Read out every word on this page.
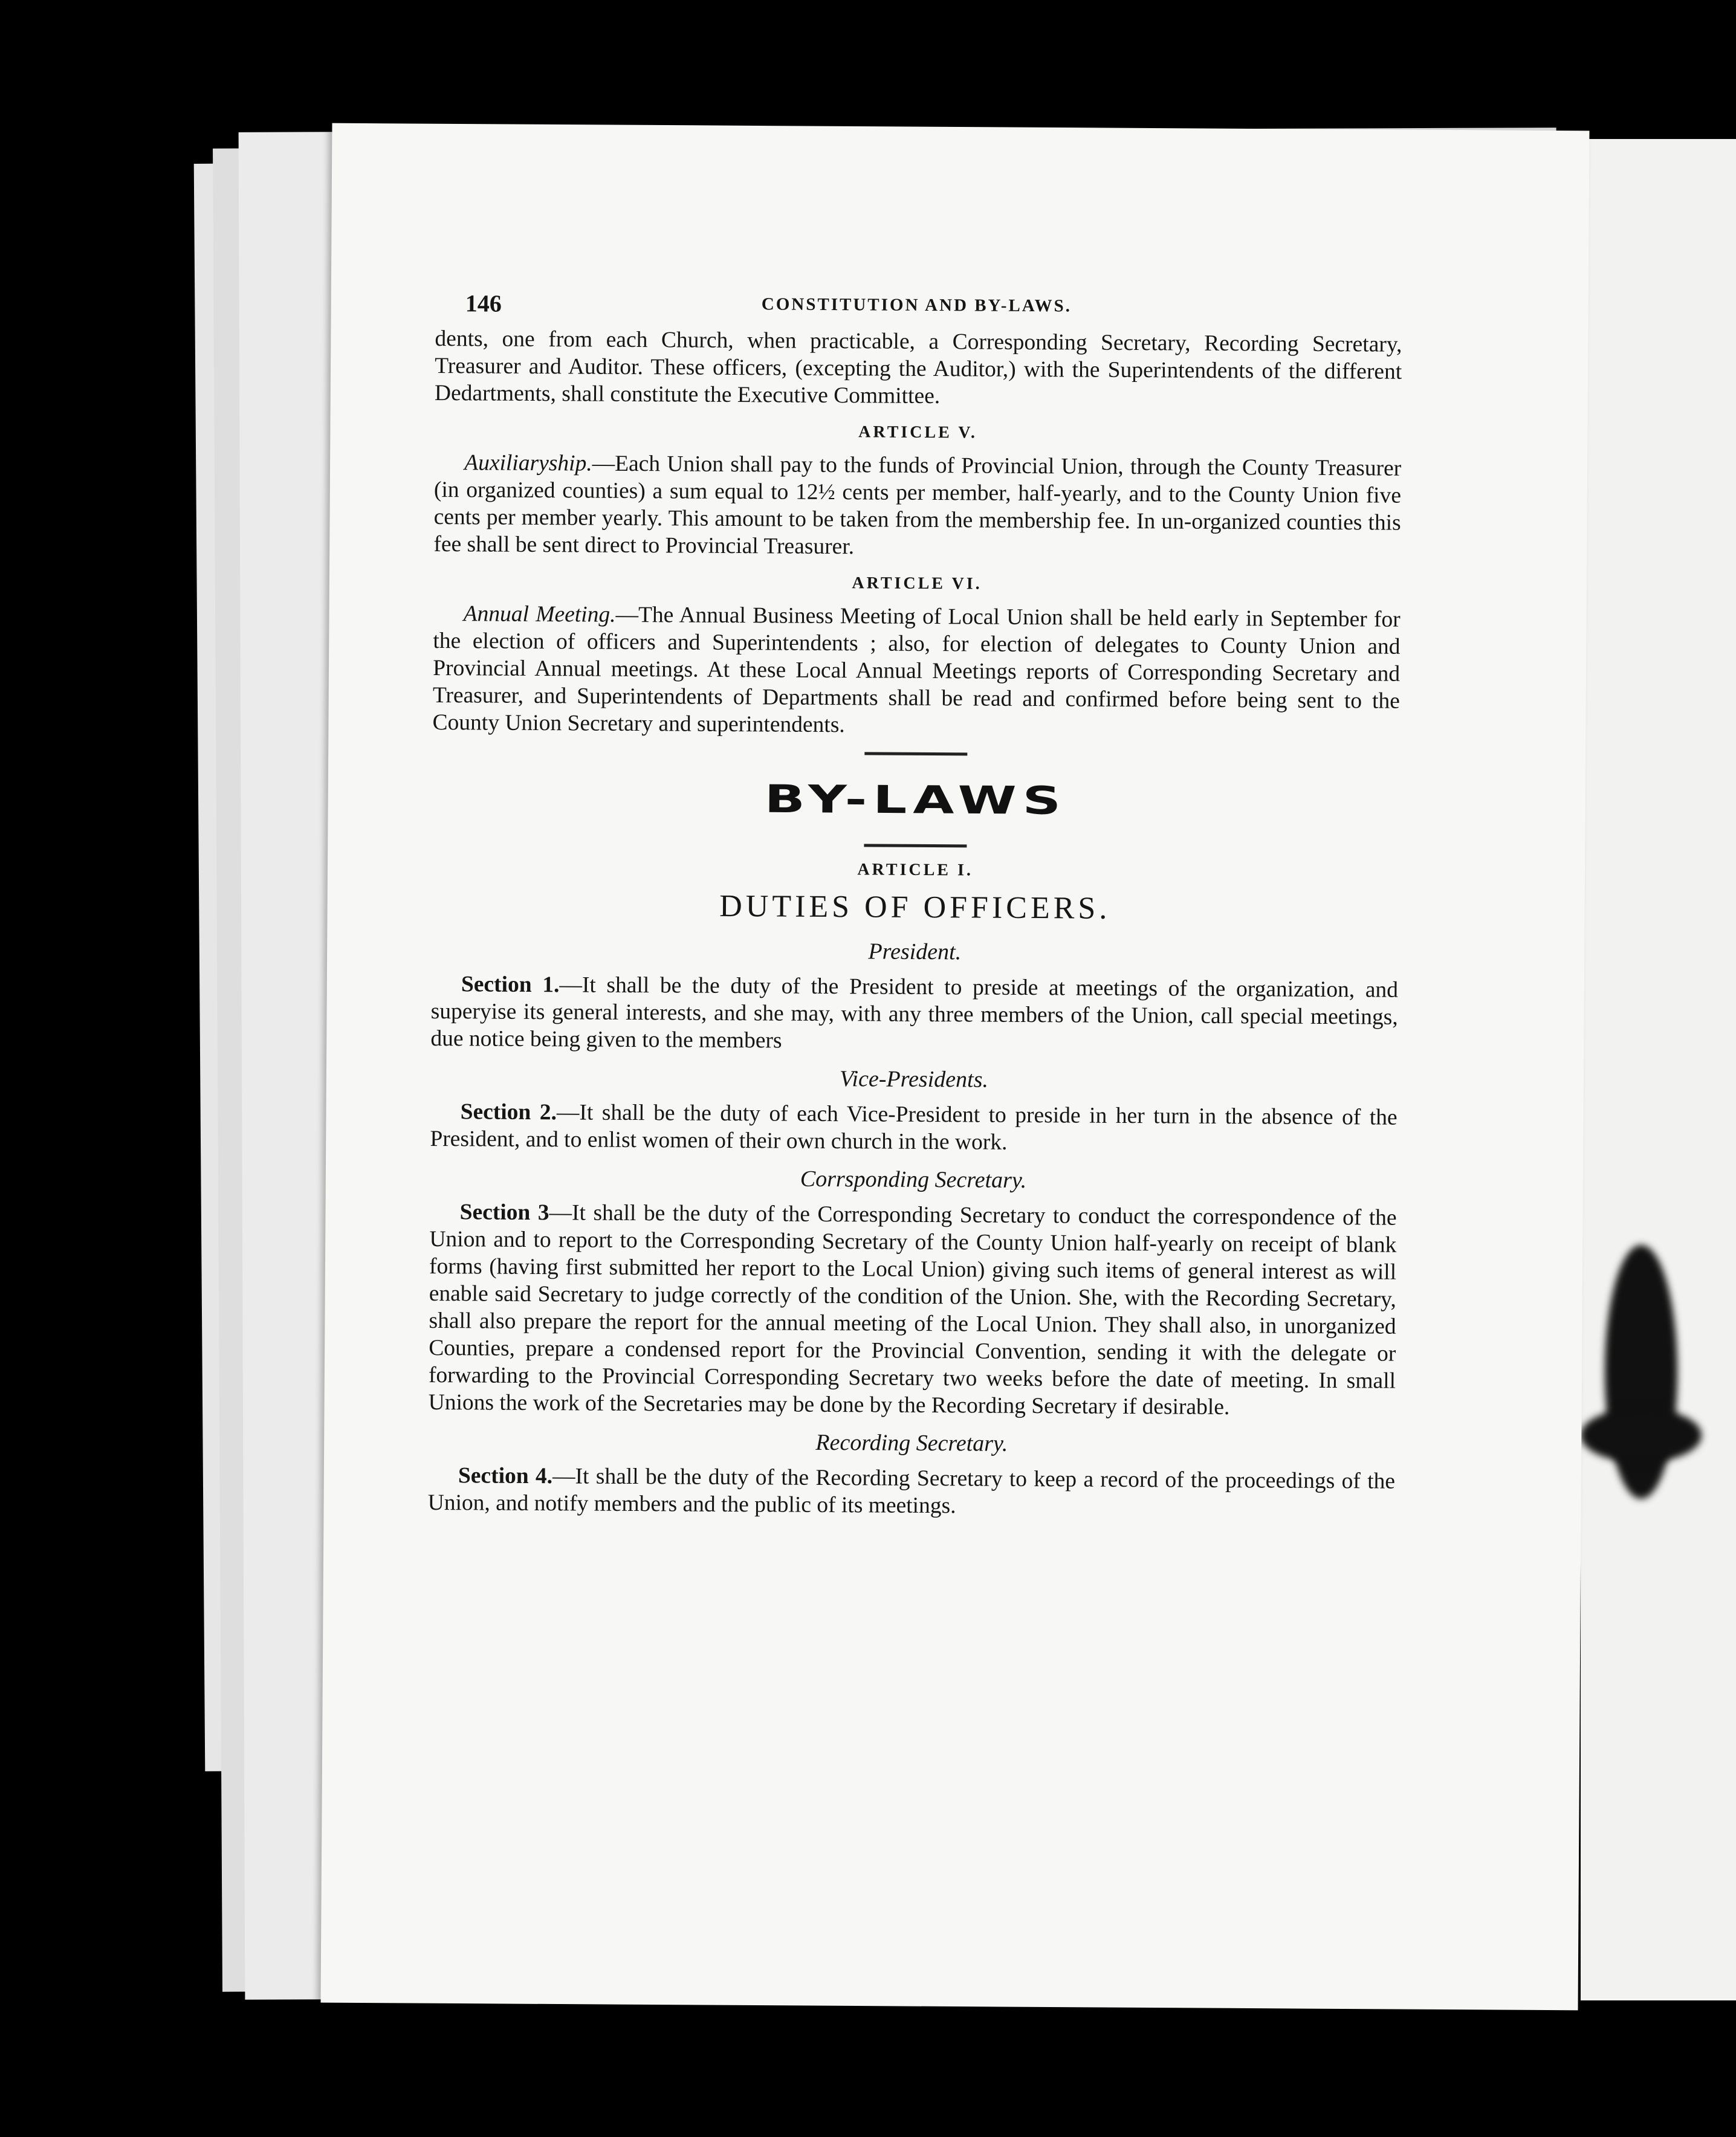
146	CONSTITUTION AND BY-LAWS.

dents, one from each Church, when practicable, a Corresponding Secretary, Recording Secretary, Treasurer and Auditor. These officers, (excepting the Auditor,) with the Superintendents of the different Dedartments, shall constitute the Executive Committee.

ARTICLE V.

Auxiliaryship.—Each Union shall pay to the funds of Provincial Union, through the County Treasurer (in organized counties) a sum equal to 12½ cents per member, half-yearly, and to the County Union five cents per member yearly. This amount to be taken from the membership fee. In un-organized counties this fee shall be sent direct to Provincial Treasurer.

ARTICLE VI.

Annual Meeting.—The Annual Business Meeting of Local Union shall be held early in September for the election of officers and Superintendents ; also, for election of delegates to County Union and Provincial Annual meetings. At these Local Annual Meetings reports of Corresponding Secretary and Treasurer, and Superintendents of Departments shall be read and confirmed before being sent to the County Union Secretary and superintendents.

BY-LAWS
ARTICLE I.
DUTIES OF OFFICERS.
President.

Section 1.—It shall be the duty of the President to preside at meetings of the organization, and superyise its general interests, and she may, with any three members of the Union, call special meetings, due notice being given to the members

Vice-Presidents.

Section 2.—It shall be the duty of each Vice-President to preside in her turn in the absence of the President, and to enlist women of their own church in the work.

Corrsponding Secretary.

Section 3—It shall be the duty of the Corresponding Secretary to conduct the correspondence of the Union and to report to the Corresponding Secretary of the County Union half-yearly on receipt of blank forms (having first submitted her report to the Local Union) giving such items of general interest as will enable said Secretary to judge correctly of the condition of the Union. She, with the Recording Secretary, shall also prepare the report for the annual meeting of the Local Union. They shall also, in unorganized Counties, prepare a condensed report for the Provincial Convention, sending it with the delegate or forwarding to the Provincial Corresponding Secretary two weeks before the date of meeting. In small Unions the work of the Secretaries may be done by the Recording Secretary if desirable.

Recording Secretary.

Section 4.—It shall be the duty of the Recording Secretary to keep a record of the proceedings of the Union, and notify members and the public of its meetings.
